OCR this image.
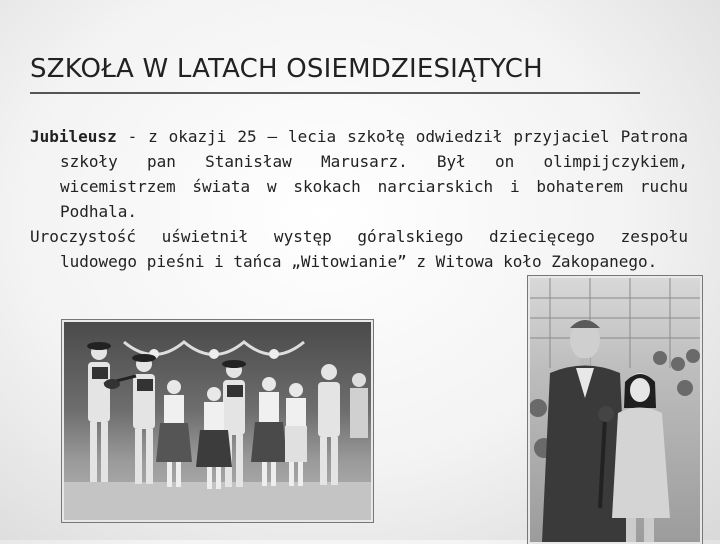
SZKOŁA W LATACH OSIEMDZIESIĄTYCH

Jubileusz - z okazji 25 – lecia szkołę odwiedził przyjaciel Patrona szkoły pan Stanisław Marusarz. Był on olimpijczykiem, wicemistrzem świata w skokach narciarskich i bohaterem ruchu Podhala.

Uroczystość uświetnił występ góralskiego dziecięcego zespołu ludowego pieśni i tańca „Witowianie” z Witowa koło Zakopanego.
